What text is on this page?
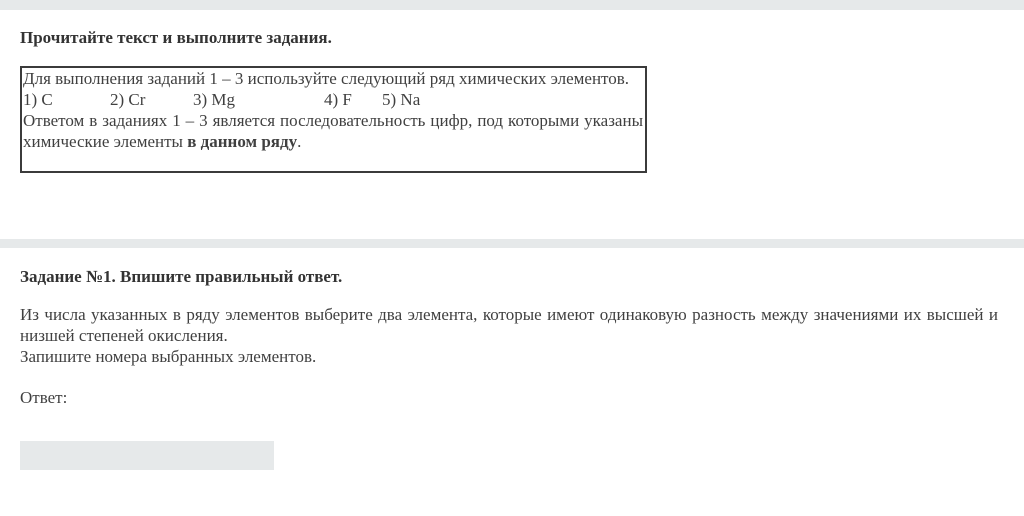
Прочитайте текст и выполните задания.
Для выполнения заданий 1 – 3 используйте следующий ряд химических элементов.
1) C	2) Cr	3) Mg	4) F 5) Na
Ответом в заданиях 1 – 3 является последовательность цифр, под которыми указаны химические элементы в данном ряду.
Задание №1. Впишите правильный ответ.
Из числа указанных в ряду элементов выберите два элемента, которые имеют одинаковую разность между значениями их высшей и низшей степеней окисления.
Запишите номера выбранных элементов.
Ответ:
